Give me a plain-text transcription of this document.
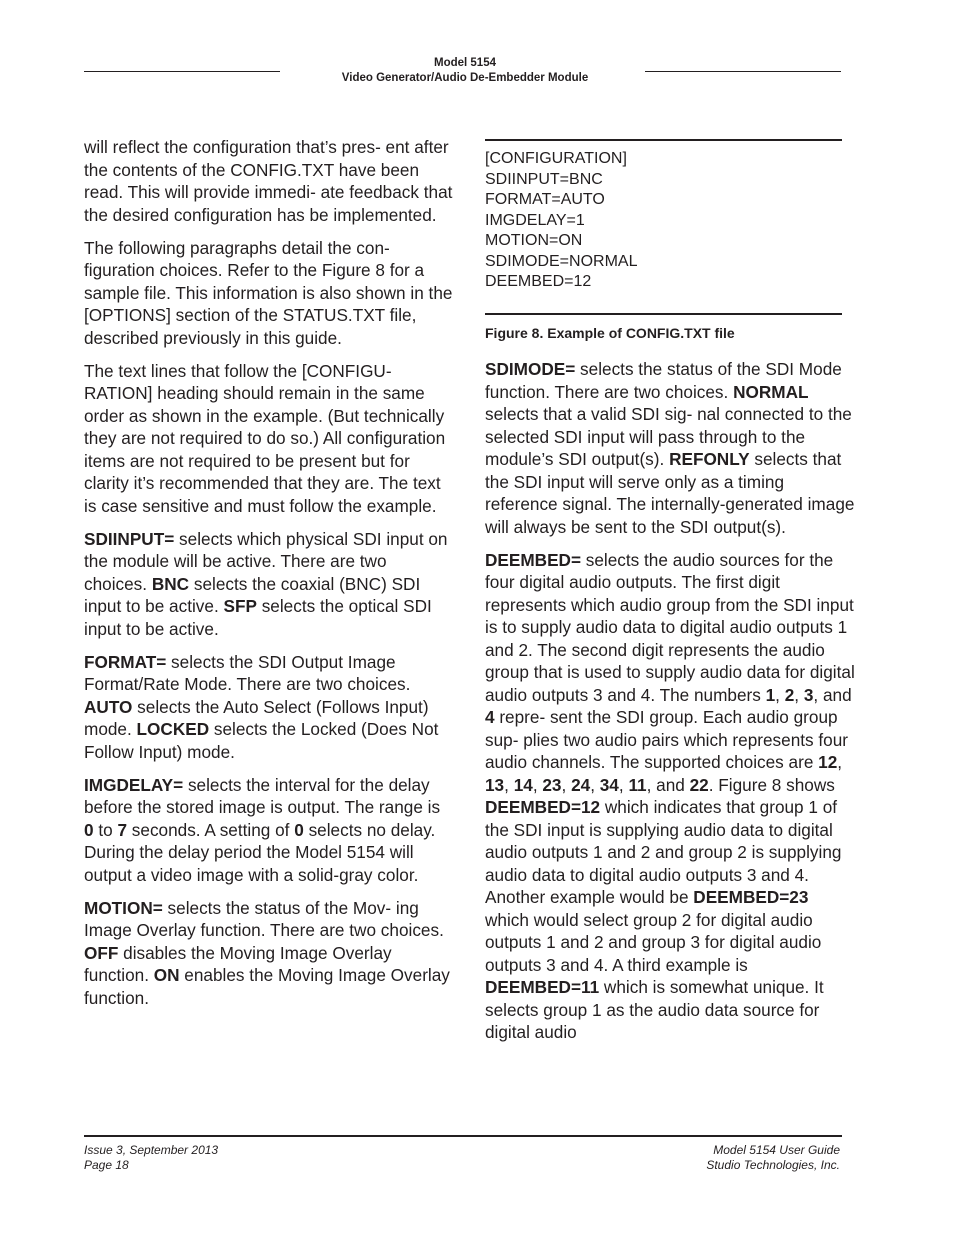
Model 5154
Video Generator/Audio De-Embedder Module

will reflect the configuration that’s pres- ent after the contents of the CONFIG.TXT have been read. This will provide immedi- ate feedback that the desired configuration has be implemented.

The following paragraphs detail the con- figuration choices. Refer to the Figure 8 for a sample file. This information is also shown in the [OPTIONS] section of the STATUS.TXT file, described previously in this guide.

The text lines that follow the [CONFIGU- RATION] heading should remain in the same order as shown in the example. (But technically they are not required to do so.) All configuration items are not required to be present but for clarity it’s recommended that they are. The text is case sensitive and must follow the example.

SDIINPUT= selects which physical SDI input on the module will be active. There are two choices. BNC selects the coaxial (BNC) SDI input to be active. SFP selects the optical SDI input to be active.

FORMAT= selects the SDI Output Image Format/Rate Mode. There are two choices. AUTO selects the Auto Select (Follows Input) mode. LOCKED selects the Locked (Does Not Follow Input) mode.

IMGDELAY= selects the interval for the delay before the stored image is output. The range is 0 to 7 seconds. A setting of 0 selects no delay. During the delay period the Model 5154 will output a video image with a solid-gray color.

MOTION= selects the status of the Mov- ing Image Overlay function. There are two choices. OFF disables the Moving Image Overlay function. ON enables the Moving Image Overlay function.

[CONFIGURATION]
SDIINPUT=BNC
FORMAT=AUTO
IMGDELAY=1
MOTION=ON
SDIMODE=NORMAL
DEEMBED=12
Figure 8. Example of CONFIG.TXT file

SDIMODE= selects the status of the SDI Mode function. There are two choices. NORMAL selects that a valid SDI sig- nal connected to the selected SDI input will pass through to the module’s SDI output(s). REFONLY selects that the SDI input will serve only as a timing reference signal. The internally-generated image will always be sent to the SDI output(s).

DEEMBED= selects the audio sources for the four digital audio outputs. The first digit represents which audio group from the SDI input is to supply audio data to digital audio outputs 1 and 2. The second digit represents the audio group that is used to supply audio data for digital audio outputs 3 and 4. The numbers 1, 2, 3, and 4 repre- sent the SDI group. Each audio group sup- plies two audio pairs which represents four audio channels. The supported choices are 12, 13, 14, 23, 24, 34, 11, and 22. Figure 8 shows DEEMBED=12 which indicates that group 1 of the SDI input is supplying audio data to digital audio outputs 1 and 2 and group 2 is supplying audio data to digital audio outputs 3 and 4. Another example would be DEEMBED=23 which would select group 2 for digital audio outputs 1 and 2 and group 3 for digital audio outputs 3 and 4. A third example is DEEMBED=11 which is somewhat unique. It selects group 1 as the audio data source for digital audio

Issue 3, September 2013
Page 18
Model 5154 User Guide
Studio Technologies, Inc.
